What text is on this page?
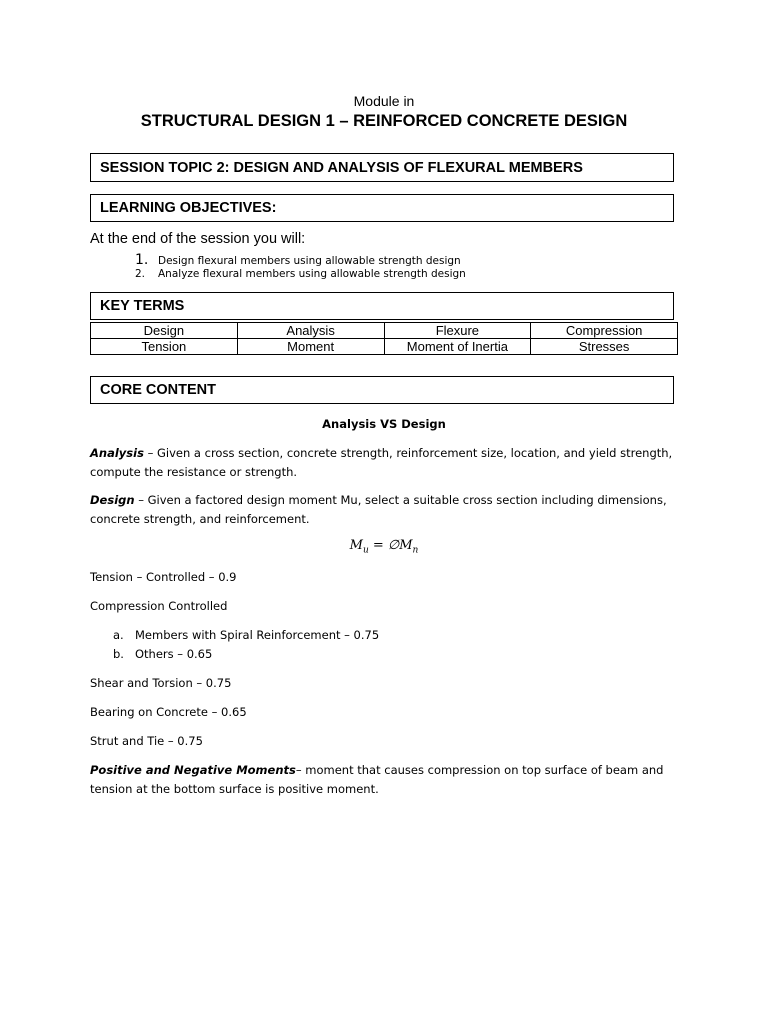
Module in
STRUCTURAL DESIGN 1 – REINFORCED CONCRETE DESIGN
SESSION TOPIC 2: DESIGN AND ANALYSIS OF FLEXURAL MEMBERS
LEARNING OBJECTIVES:
At the end of the session you will:
1. Design flexural members using allowable strength design
2.	Analyze flexural members using allowable strength design
KEY TERMS
Design	Analysis	Flexure	Compression
Tension	Moment	Moment of Inertia	Stresses
CORE CONTENT
Analysis VS Design
Analysis – Given a cross section, concrete strength, reinforcement size, location, and yield strength, compute the resistance or strength.
Design – Given a factored design moment Mu, select a suitable cross section including dimensions, concrete strength, and reinforcement.
$M_u$ = $\emptyset M_n$
Tension – Controlled – 0.9
Compression Controlled
a. Members with Spiral Reinforcement – 0.75
b. Others – 0.65
Shear and Torsion – 0.75
Bearing on Concrete – 0.65
Strut and Tie – 0.75
Positive and Negative Moments– moment that causes compression on top surface of beam and tension at the bottom surface is positive moment.
